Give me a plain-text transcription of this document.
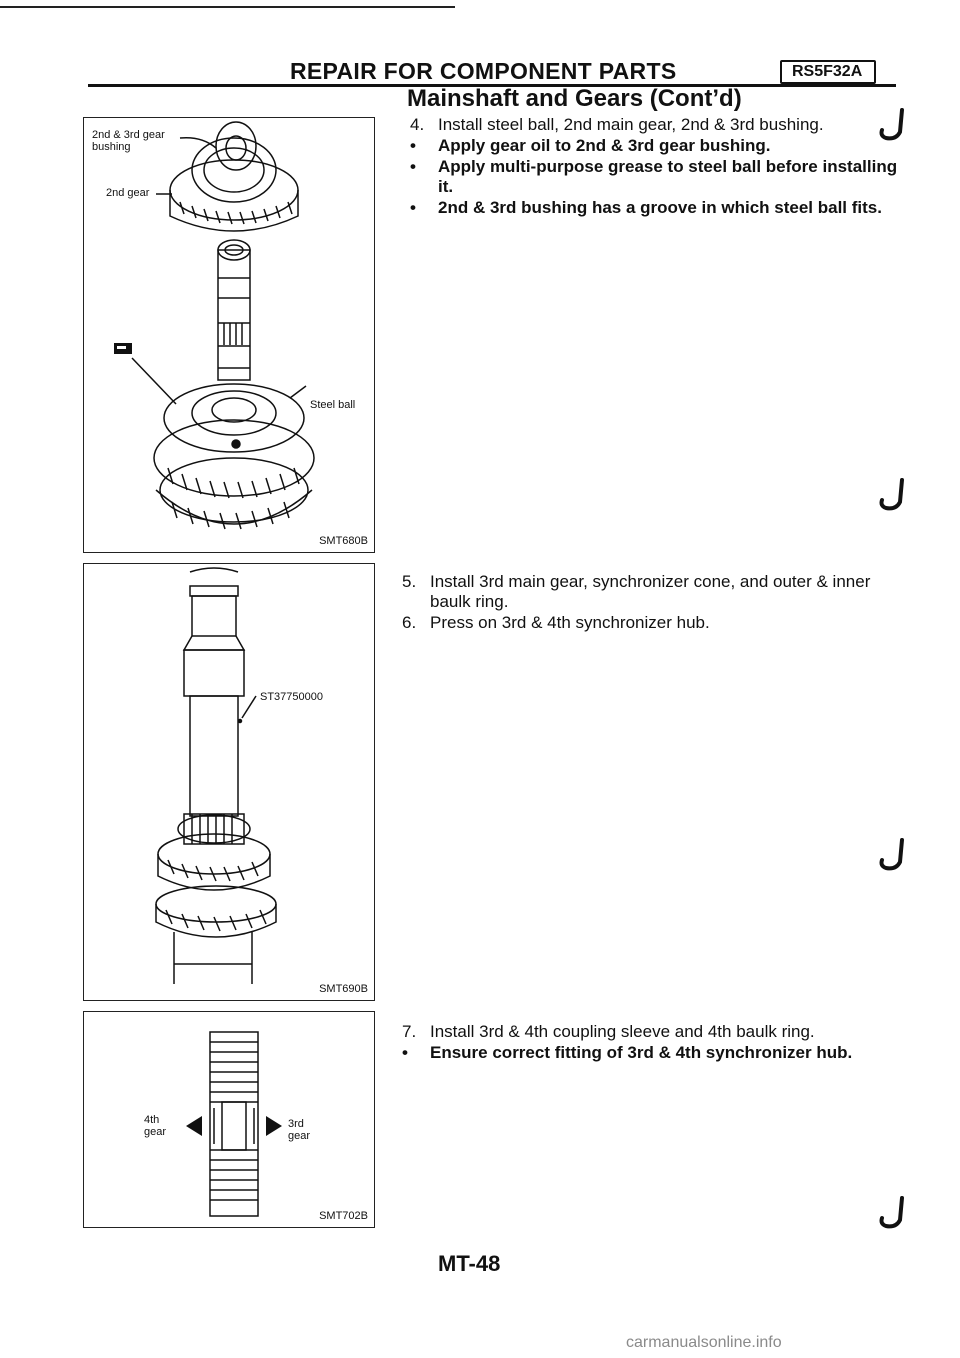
REPAIR FOR COMPONENT PARTS	RS5F32A
Mainshaft and Gears (Cont’d)
2nd & 3rd gear bushing
2nd gear
Steel ball
SMT680B
ST37750000
SMT690B
4th gear
3rd gear
SMT702B
4. Install steel ball, 2nd main gear, 2nd & 3rd bushing.
• Apply gear oil to 2nd & 3rd gear bushing.
• Apply multi-purpose grease to steel ball before installing it.
• 2nd & 3rd bushing has a groove in which steel ball fits.
5. Install 3rd main gear, synchronizer cone, and outer & inner baulk ring.
6. Press on 3rd & 4th synchronizer hub.
7. Install 3rd & 4th coupling sleeve and 4th baulk ring.
• Ensure correct fitting of 3rd & 4th synchronizer hub.
MT-48
carmanualsonline.info
